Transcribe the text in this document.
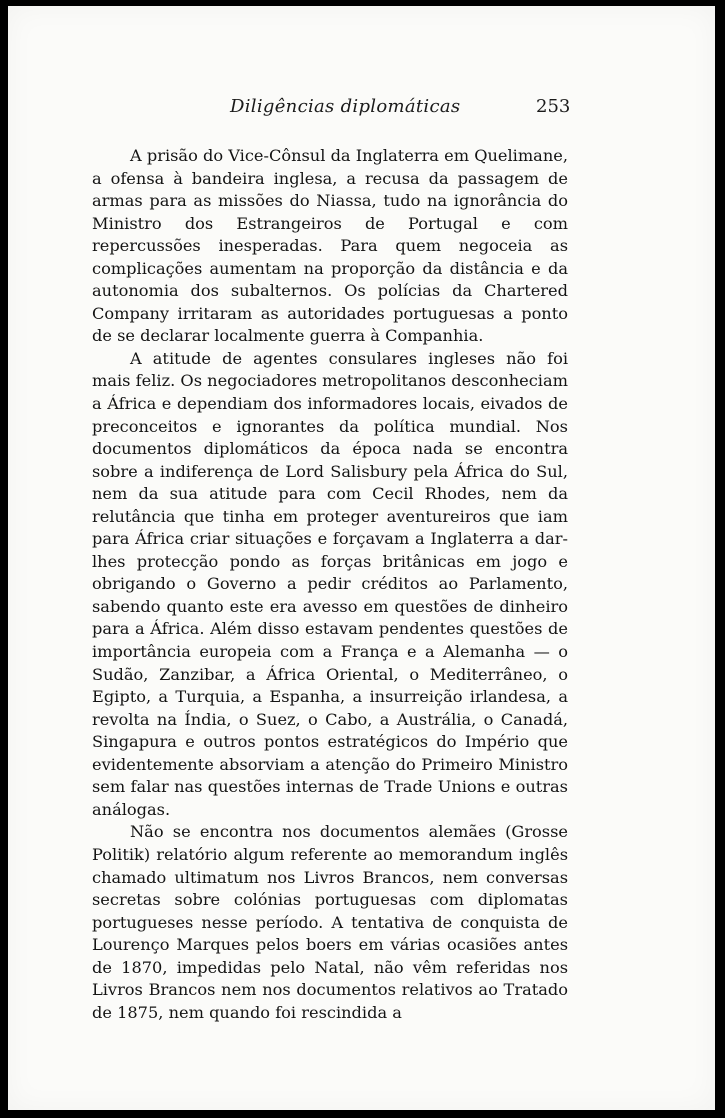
Diligências diplomáticas	253

A prisão do Vice-Cônsul da Inglaterra em Quelimane, a ofensa à bandeira inglesa, a recusa da passagem de armas para as missões do Niassa, tudo na ignorância do Ministro dos Estrangeiros de Portugal e com repercussões inesperadas. Para quem negoceia as complicações aumentam na proporção da distância e da autonomia dos subalternos. Os polícias da Chartered Company irritaram as autoridades portuguesas a ponto de se declarar localmente guerra à Companhia.

A atitude de agentes consulares ingleses não foi mais feliz. Os negociadores metropolitanos desconheciam a África e dependiam dos informadores locais, eivados de preconceitos e ignorantes da política mundial. Nos documentos diplomáticos da época nada se encontra sobre a indiferença de Lord Salisbury pela África do Sul, nem da sua atitude para com Cecil Rhodes, nem da relutância que tinha em proteger aventureiros que iam para África criar situações e forçavam a Inglaterra a dar-lhes protecção pondo as forças britânicas em jogo e obrigando o Governo a pedir créditos ao Parlamento, sabendo quanto este era avesso em questões de dinheiro para a África. Além disso estavam pendentes questões de importância europeia com a França e a Alemanha — o Sudão, Zanzibar, a África Oriental, o Mediterrâneo, o Egipto, a Turquia, a Espanha, a insurreição irlandesa, a revolta na Índia, o Suez, o Cabo, a Austrália, o Canadá, Singapura e outros pontos estratégicos do Império que evidentemente absorviam a atenção do Primeiro Ministro sem falar nas questões internas de Trade Unions e outras análogas.

Não se encontra nos documentos alemães (Grosse Politik) relatório algum referente ao memorandum inglês chamado ultimatum nos Livros Brancos, nem conversas secretas sobre colónias portuguesas com diplomatas portugueses nesse período. A tentativa de conquista de Lourenço Marques pelos boers em várias ocasiões antes de 1870, impedidas pelo Natal, não vêm referidas nos Livros Brancos nem nos documentos relativos ao Tratado de 1875, nem quando foi rescindida a
